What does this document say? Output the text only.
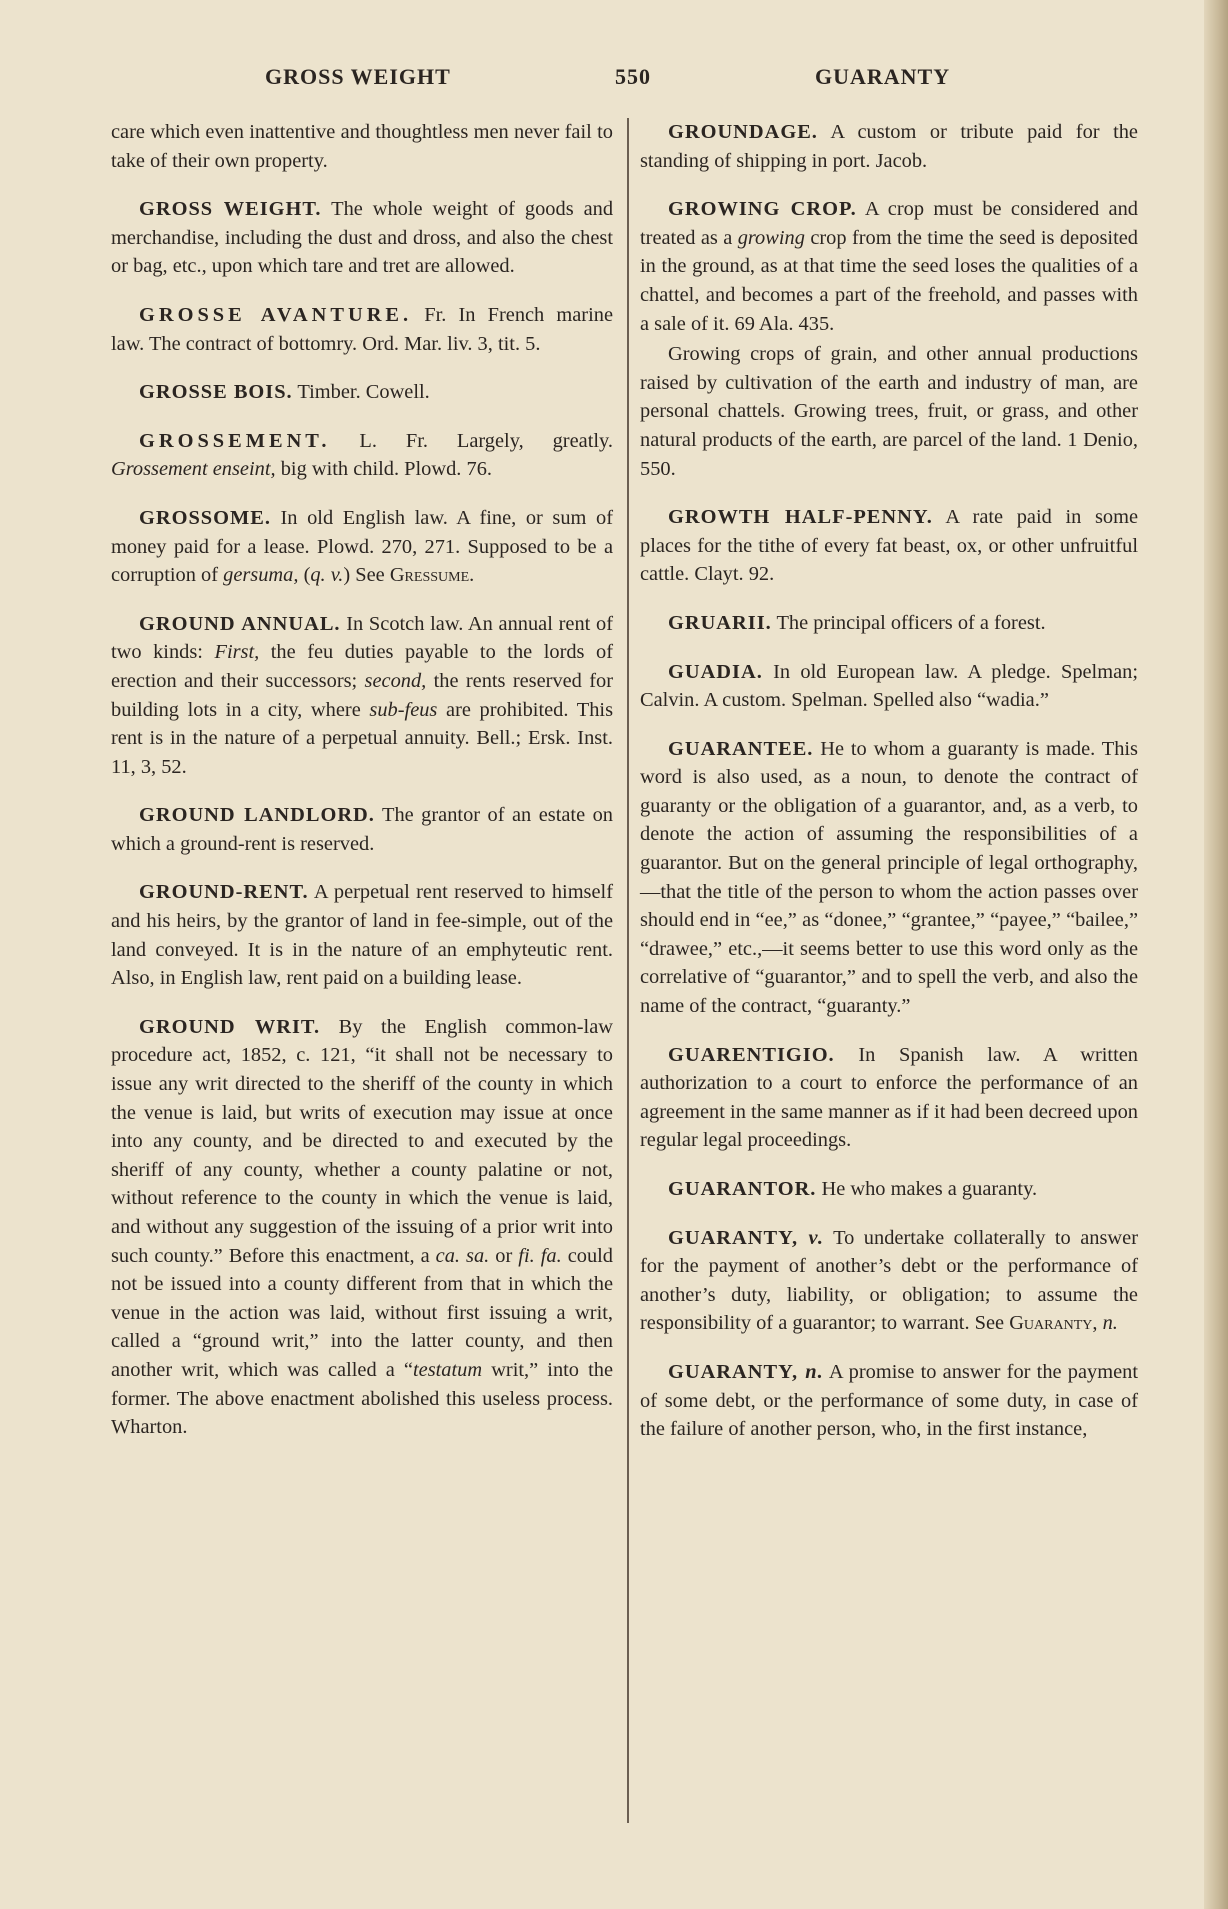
GROSS WEIGHT	550	GUARANTY

care which even inattentive and thoughtless men never fail to take of their own property.

GROSS WEIGHT. The whole weight of goods and merchandise, including the dust and dross, and also the chest or bag, etc., upon which tare and tret are allowed.

GROSSE AVANTURE. Fr. In French marine law. The contract of bottomry. Ord. Mar. liv. 3, tit. 5.

GROSSE BOIS. Timber. Cowell.

GROSSEMENT. L. Fr. Largely, greatly. Grossement enseint, big with child. Plowd. 76.

GROSSOME. In old English law. A fine, or sum of money paid for a lease. Plowd. 270, 271. Supposed to be a corruption of gersuma, (q. v.) See Gressume.

GROUND ANNUAL. In Scotch law. An annual rent of two kinds: First, the feu duties payable to the lords of erection and their successors; second, the rents reserved for building lots in a city, where sub-feus are prohibited. This rent is in the nature of a perpetual annuity. Bell.; Ersk. Inst. 11, 3, 52.

GROUND LANDLORD. The grantor of an estate on which a ground-rent is reserved.

GROUND-RENT. A perpetual rent reserved to himself and his heirs, by the grantor of land in fee-simple, out of the land conveyed. It is in the nature of an emphyteutic rent. Also, in English law, rent paid on a building lease.

GROUND WRIT. By the English common-law procedure act, 1852, c. 121, “it shall not be necessary to issue any writ directed to the sheriff of the county in which the venue is laid, but writs of execution may issue at once into any county, and be directed to and executed by the sheriff of any county, whether a county palatine or not, without reference to the county in which the venue is laid, and without any suggestion of the issuing of a prior writ into such county.” Before this enactment, a ca. sa. or fi. fa. could not be issued into a county different from that in which the venue in the action was laid, without first issuing a writ, called a “ground writ,” into the latter county, and then another writ, which was called a “testatum writ,” into the former. The above enactment abolished this useless process. Wharton.

GROUNDAGE. A custom or tribute paid for the standing of shipping in port. Jacob.

GROWING CROP. A crop must be considered and treated as a growing crop from the time the seed is deposited in the ground, as at that time the seed loses the qualities of a chattel, and becomes a part of the freehold, and passes with a sale of it. 69 Ala. 435.

Growing crops of grain, and other annual productions raised by cultivation of the earth and industry of man, are personal chattels. Growing trees, fruit, or grass, and other natural products of the earth, are parcel of the land. 1 Denio, 550.

GROWTH HALF-PENNY. A rate paid in some places for the tithe of every fat beast, ox, or other unfruitful cattle. Clayt. 92.

GRUARII. The principal officers of a forest.

GUADIA. In old European law. A pledge. Spelman; Calvin. A custom. Spelman. Spelled also “wadia.”

GUARANTEE. He to whom a guaranty is made. This word is also used, as a noun, to denote the contract of guaranty or the obligation of a guarantor, and, as a verb, to denote the action of assuming the responsibilities of a guarantor. But on the general principle of legal orthography,—that the title of the person to whom the action passes over should end in “ee,” as “donee,” “grantee,” “payee,” “bailee,” “drawee,” etc.,—it seems better to use this word only as the correlative of “guarantor,” and to spell the verb, and also the name of the contract, “guaranty.”

GUARENTIGIO. In Spanish law. A written authorization to a court to enforce the performance of an agreement in the same manner as if it had been decreed upon regular legal proceedings.

GUARANTOR. He who makes a guaranty.

GUARANTY, v. To undertake collaterally to answer for the payment of another’s debt or the performance of another’s duty, liability, or obligation; to assume the responsibility of a guarantor; to warrant. See Guaranty, n.

GUARANTY, n. A promise to answer for the payment of some debt, or the performance of some duty, in case of the failure of another person, who, in the first instance,
